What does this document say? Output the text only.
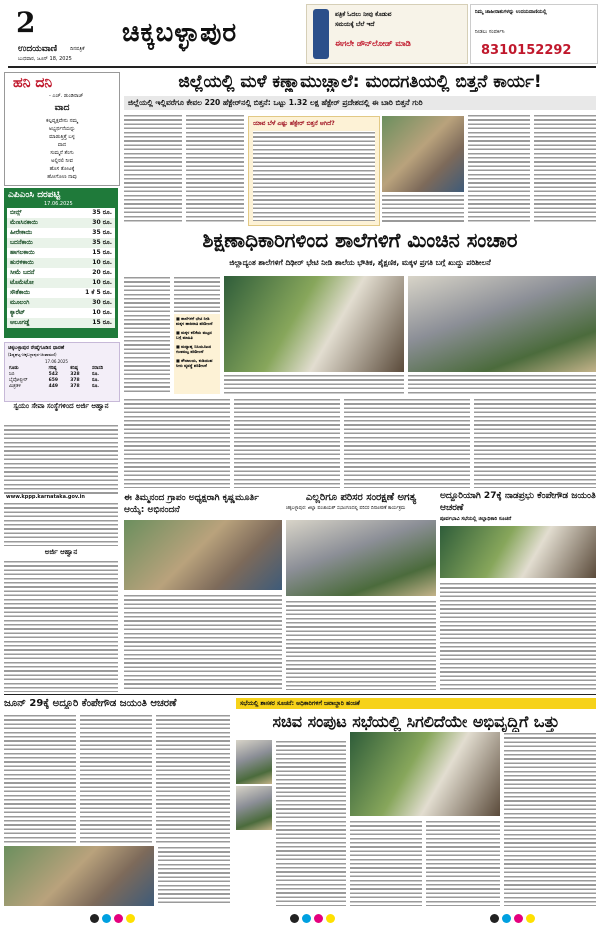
2
ಉದಯವಾಣಿ	ದಿನಪತ್ರಿಕೆ
ಬುಧವಾರ, ಜೂನ್ 18, 2025
ಚಿಕ್ಕಬಳ್ಳಾಪುರ
ಪತ್ರಿಕೆ ಓದಲು ನೀವು ಕೊಡುವ
ಸಮಯಕ್ಕೆ ಬೆಲೆ ಇದೆ
ಈಗಲೇ ಡೌನ್‌ಲೋಡ್ ಮಾಡಿ
ನಿಮ್ಮ ಜಾಹೀರಾತುಗಳನ್ನು ಉದಯವಾಣಿಯಲ್ಲಿ
ನೀಡಲು ಸಂಪರ್ಕಿಸಿ
8310152292
ಹನಿ ದನಿ
- ಎಚ್. ಡುಂಡಿರಾಜ್
ವಾದ
ಕಲ್ಪವೃಕ್ಷವೇನು ನಮ್ಮ
ಅಭ್ಯರ್ಥನೆಯನ್ನು
ಮಾಡುತ್ತಿತ್ತೆ ಬಳ್ಳ
ವಾದ
ಸುಮ್ಮನೆ ತೆಂಗು
ಅಲ್ಲಿರಲಿ ನೀವ
ಹೊಸ ತೋಟಕ್ಕೆ
ಹೋಗೋಣ ನಾವು
ಎಪಿಎಂಸಿ ದರಪಟ್ಟಿ
17.06.2025
ಬೀನ್ಸ್	35 ರೂ.
ಮೆಣಸಿನಕಾಯಿ	30 ರೂ.
ಹೀರೇಕಾಯಿ	35 ರೂ.
ಬದನೆಕಾಯಿ	35 ರೂ.
ಹಾಗಲಕಾಯಿ	15 ರೂ.
ಹುರಳಿಕಾಯಿ	10 ರೂ.
ಸೀಮೆ ಬದನೆ	20 ರೂ.
ಟೊಮೆಟೋ	10 ರೂ.
ಸೌತೆಕಾಯಿ	1 ಕೆ 5 ರೂ.
ಮೂಲಂಗಿ	30 ರೂ.
ಕ್ಯಾರೆಟ್	10 ರೂ.
ಆಲೂಗಡ್ಡೆ	15 ರೂ.
ಚಿಕ್ಕಬಳ್ಳಾಪುರ ರೇಷ್ಮೆಗೂಡಿನ ಧಾರಣೆ
(ಶಿಡ್ಲಘಟ್ಟ-ಚಿಕ್ಕಬಳ್ಳಾಪುರ-ಚಿಂತಾಮಣಿ)
17.06.2025
ಗೂಡು	ಗರಿಷ್ಠ	ಕನಿಷ್ಠ	ಸರಾಸರಿ
ಸಿಬಿ	542	328	ರೂ.
ಬೈವೋಲ್ಟೀನ್	659	378	ರೂ.
ಮಿಶ್ರತಳಿ	449	378	ರೂ.
ಸ್ವಯಂ ಸೇವಾ ಸಂಸ್ಥೆಗಳಿಂದ ಅರ್ಜಿ ಆಹ್ವಾನ
www.kppp.karnataka.gov.in
ಅರ್ಜಿ ಆಹ್ವಾನ
ಜಿಲ್ಲೆಯಲ್ಲಿ ಮಳೆ ಕಣ್ಣಾಮುಚ್ಚಾಲೆ: ಮಂದಗತಿಯಲ್ಲಿ ಬಿತ್ತನೆ ಕಾರ್ಯ!
ಜಿಲ್ಲೆಯಲ್ಲಿ ಇಲ್ಲಿವರೆಗೂ ಕೇವಲ 220 ಹೆಕ್ಟೇರ್‌ನಲ್ಲಿ ಬಿತ್ತನೆ: ಒಟ್ಟು 1.32 ಲಕ್ಷ ಹೆಕ್ಟೇರ್ ಪ್ರದೇಶದಲ್ಲಿ ಈ ಬಾರಿ ಬಿತ್ತನೆ ಗುರಿ
ಯಾವ ಬೆಳೆ ಎಷ್ಟು ಹೆಕ್ಟೇರ್ ಬಿತ್ತನೆ ಆಗಿದೆ?
ಶಿಕ್ಷಣಾಧಿಕಾರಿಗಳಿಂದ ಶಾಲೆಗಳಿಗೆ ಮಿಂಚಿನ ಸಂಚಾರ
ಜಿಲ್ಲಾದ್ಯಂತ ಶಾಲೆಗಳಿಗೆ ದಿಢೀರ್ ಭೇಟಿ ನೀಡಿ ಶಾಲೆಯ ಭೌತಿಕ, ಶೈಕ್ಷಣಿಕ, ಮಕ್ಕಳ ಪ್ರಗತಿ ಬಗ್ಗೆ ಖುದ್ದು ಪರಿಶೀಲನೆ
■ ಶಾಲೆಗಳಿಗೆ ಭೇಟಿ ನೀಡಿ ಮಕ್ಕಳ ಹಾಜರಾತಿ ಪರಿಶೀಲನೆ
■ ಮಕ್ಕಳ ಕಲಿಕೆಯ ಮಟ್ಟದ ಬಗ್ಗೆ ಮಾಹಿತಿ
■ ಮಧ್ಯಾಹ್ನ ಬಿಸಿಯೂಟದ ಗುಣಮಟ್ಟ ಪರಿಶೀಲನೆ
■ ಶೌಚಾಲಯ, ಕುಡಿಯುವ ನೀರು ವ್ಯವಸ್ಥೆ ಪರಿಶೀಲನೆ
ಈ ತಿಮ್ಮನಂದ ಗ್ರಾಪಂ ಅಧ್ಯಕ್ಷರಾಗಿ ಕೃಷ್ಣಮೂರ್ತಿ ಆಯ್ಕೆ: ಅಭಿನಂದನೆ
ಎಲ್ಲರಿಗೂ ಪರಿಸರ ಸಂರಕ್ಷಣೆ ಅಗತ್ಯ
ಚಿಕ್ಕಬಳ್ಳಾಪುರ: ಜಿಲ್ಲಾ ಪಂಚಾಯತ್ ಸಭಾಂಗಣದಲ್ಲಿ ಪರಿಸರ ದಿನಾಚರಣೆ ಕಾರ್ಯಕ್ರಮ
ಅದ್ದೂರಿಯಾಗಿ 27ಕ್ಕೆ ನಾಡಪ್ರಭು ಕೆಂಪೇಗೌಡ ಜಯಂತಿ ಆಚರಣೆ
ಪೂರ್ವಭಾವಿ ಸಭೆಯಲ್ಲಿ ಜಿಲ್ಲಾಧಿಕಾರಿ ಸೂಚನೆ
ಜೂನ್ 29ಕ್ಕೆ ಅದ್ದೂರಿ ಕೆಂಪೇಗೌಡ ಜಯಂತಿ ಆಚರಣೆ	ಸಭೆಯಲ್ಲಿ ಶಾಸಕರ ಸೂಚನೆ: ಅಧಿಕಾರಿಗಳಿಗೆ ಜವಾಬ್ದಾರಿ ಹಂಚಿಕೆ
ಸಚಿವ ಸಂಪುಟ ಸಭೆಯಲ್ಲಿ ಸಿಗಲಿದೆಯೇ ಅಭಿವೃದ್ಧಿಗೆ ಒತ್ತು
